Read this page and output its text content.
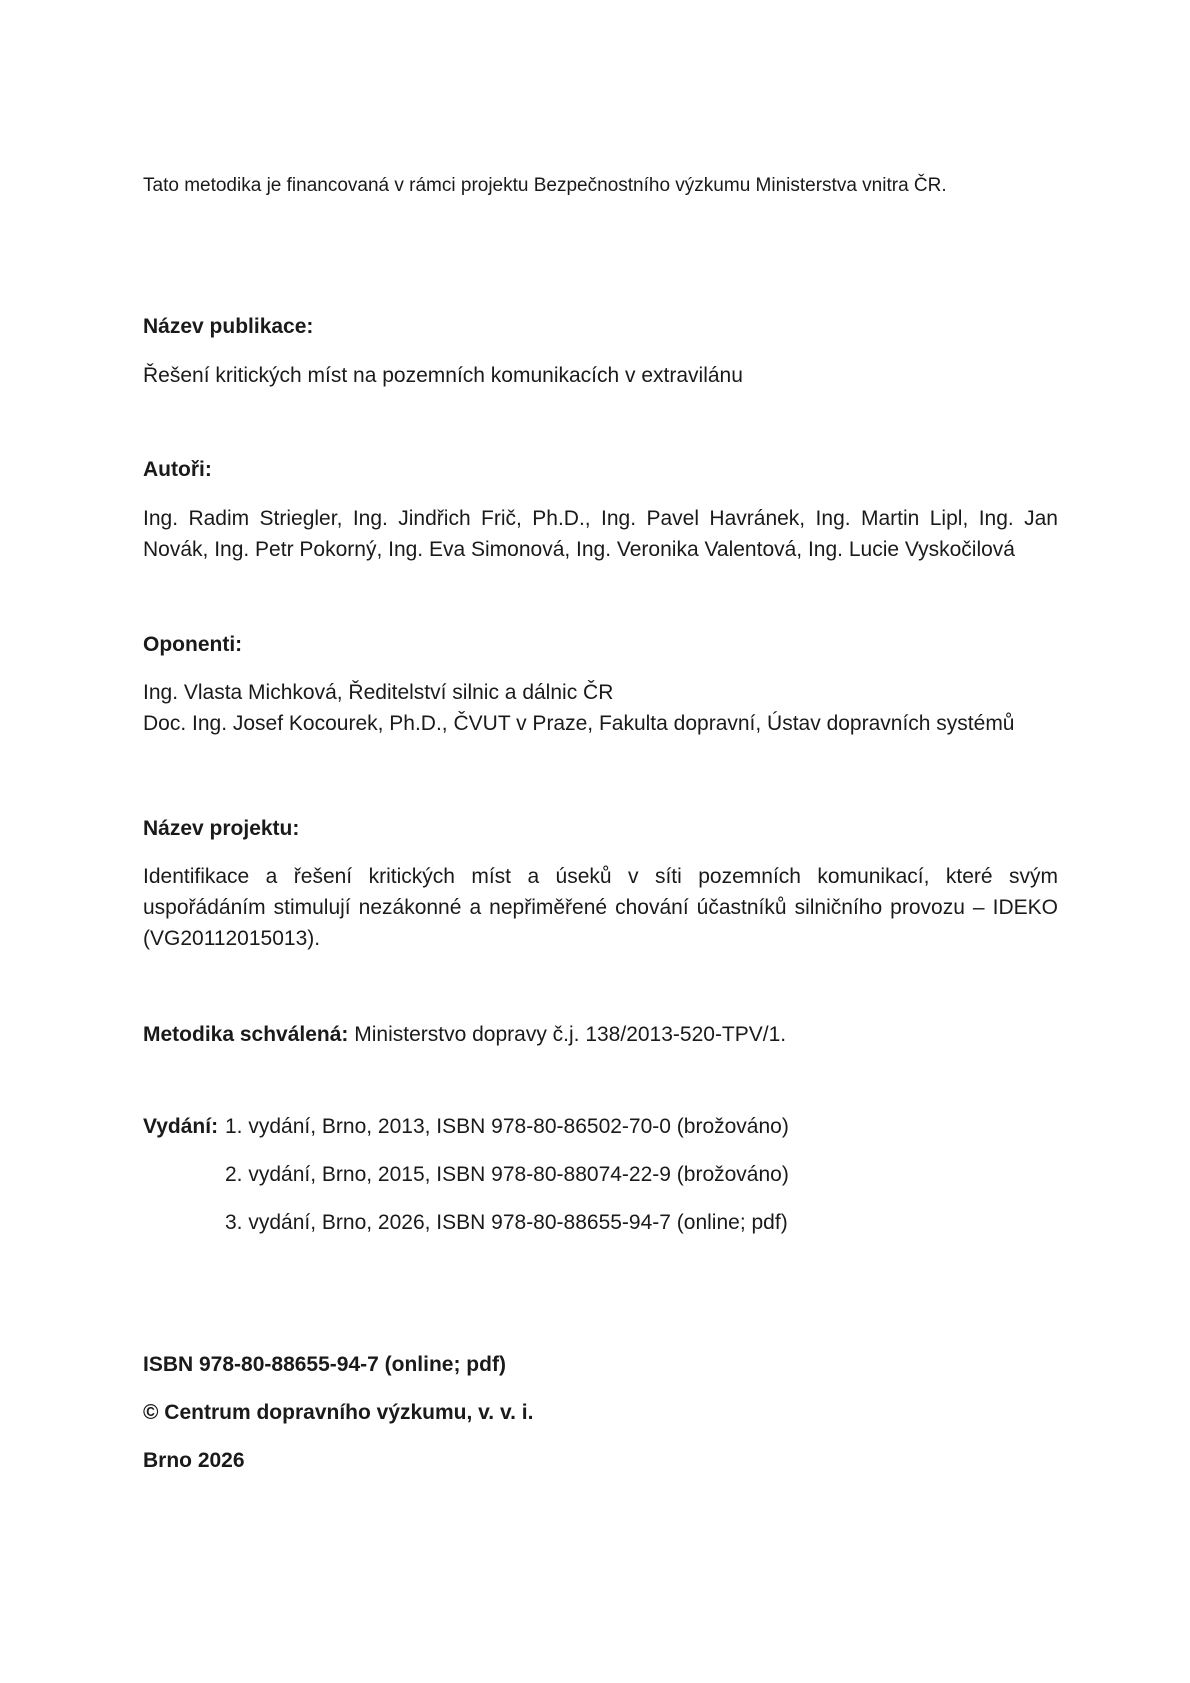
Tato metodika je financovaná v rámci projektu Bezpečnostního výzkumu Ministerstva vnitra ČR.
Název publikace:
Řešení kritických míst na pozemních komunikacích v extravilánu
Autoři:
Ing. Radim Striegler, Ing. Jindřich Frič, Ph.D., Ing. Pavel Havránek, Ing. Martin Lipl, Ing. Jan Novák, Ing. Petr Pokorný, Ing. Eva Simonová, Ing. Veronika Valentová, Ing. Lucie Vyskočilová
Oponenti:
Ing. Vlasta Michková, Ředitelství silnic a dálnic ČR
Doc. Ing. Josef Kocourek, Ph.D., ČVUT v Praze, Fakulta dopravní, Ústav dopravních systémů
Název projektu:
Identifikace a řešení kritických míst a úseků v síti pozemních komunikací, které svým uspořádáním stimulují nezákonné a nepřiměřené chování účastníků silničního provozu – IDEKO (VG20112015013).
Metodika schválená: Ministerstvo dopravy č.j. 138/2013-520-TPV/1.
Vydání: 1. vydání, Brno, 2013, ISBN 978-80-86502-70-0 (brožováno)
2. vydání, Brno, 2015, ISBN 978-80-88074-22-9 (brožováno)
3. vydání, Brno, 2026, ISBN 978-80-88655-94-7 (online; pdf)
ISBN 978-80-88655-94-7 (online; pdf)
© Centrum dopravního výzkumu, v. v. i.
Brno 2026
